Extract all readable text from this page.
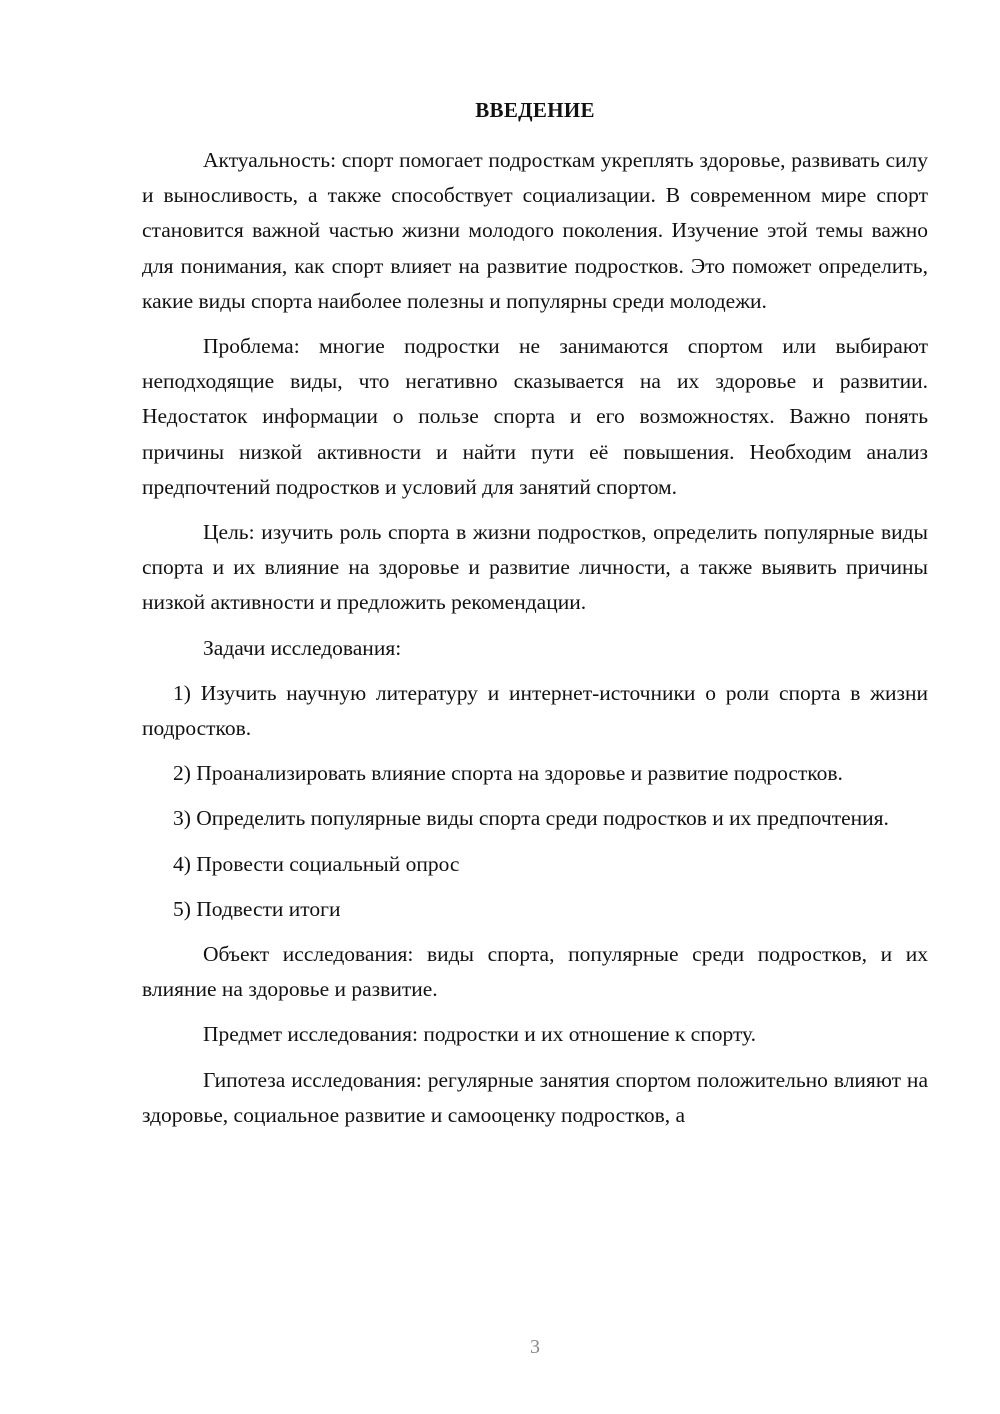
ВВЕДЕНИЕ

Актуальность: спорт помогает подросткам укреплять здоровье, развивать силу и выносливость, а также способствует социализации. В современном мире спорт становится важной частью жизни молодого поколения. Изучение этой темы важно для понимания, как спорт влияет на развитие подростков. Это поможет определить, какие виды спорта наиболее полезны и популярны среди молодежи.

Проблема: многие подростки не занимаются спортом или выбирают неподходящие виды, что негативно сказывается на их здоровье и развитии. Недостаток информации о пользе спорта и его возможностях. Важно понять причины низкой активности и найти пути её повышения. Необходим анализ предпочтений подростков и условий для занятий спортом.

Цель: изучить роль спорта в жизни подростков, определить популярные виды спорта и их влияние на здоровье и развитие личности, а также выявить причины низкой активности и предложить рекомендации.

Задачи исследования:

1) Изучить научную литературу и интернет-источники о роли спорта в жизни подростков.

2) Проанализировать влияние спорта на здоровье и развитие подростков.

3) Определить популярные виды спорта среди подростков и их предпочтения.

4) Провести социальный опрос

5) Подвести итоги

Объект исследования: виды спорта, популярные среди подростков, и их влияние на здоровье и развитие.

Предмет исследования: подростки и их отношение к спорту.

Гипотеза исследования: регулярные занятия спортом положительно влияют на здоровье, социальное развитие и самооценку подростков, а

3
